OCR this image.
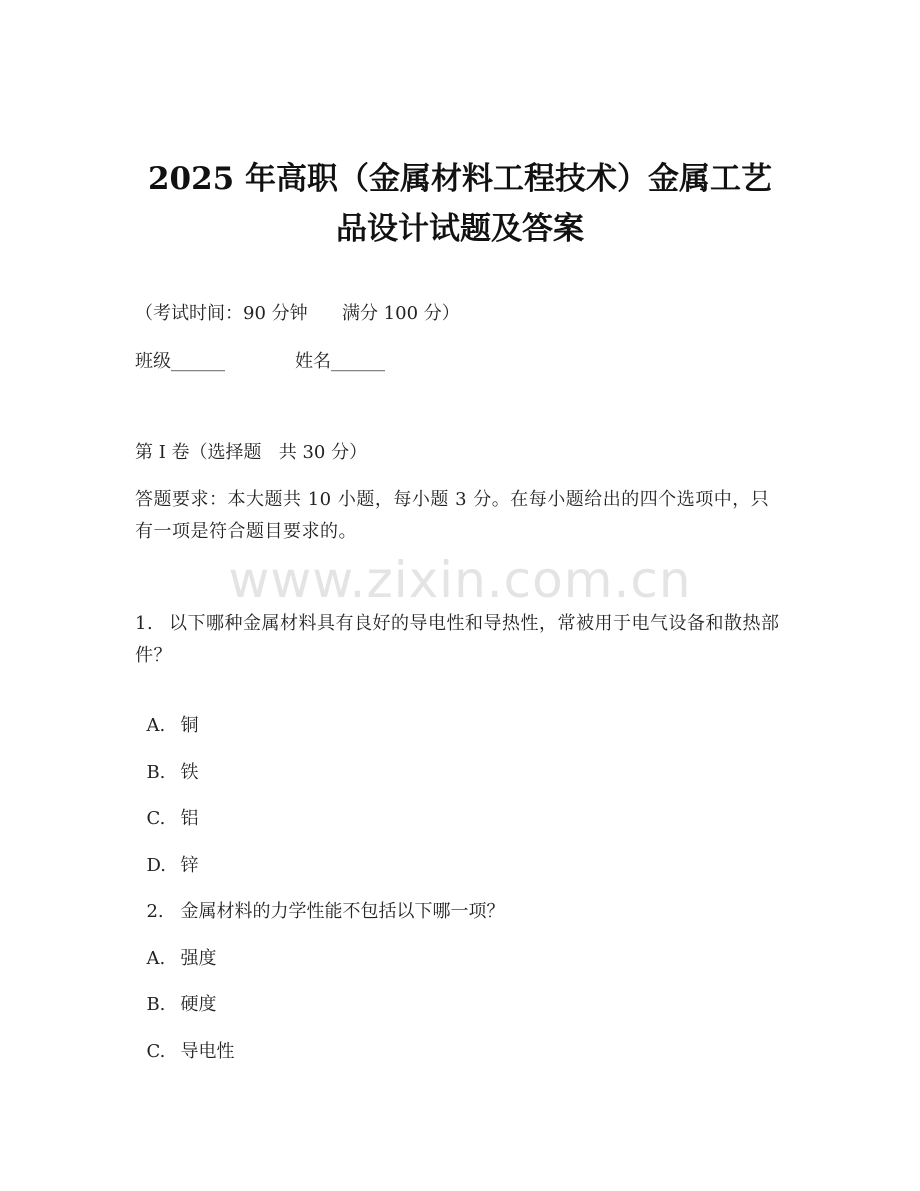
2025 年高职（金属材料工程技术）金属工艺
品设计试题及答案
（考试时间：90 分钟      满分 100 分）
班级______	姓名______
第 I 卷（选择题   共 30 分）
答题要求：本大题共 10 小题，每小题 3 分。在每小题给出的四个选项中，只有一项是符合题目要求的。
www.zixin.com.cn
1. 以下哪种金属材料具有良好的导电性和导热性，常被用于电气设备和散热部件？

A. 铜

B. 铁

C. 铝

D. 锌

2. 金属材料的力学性能不包括以下哪一项？

A. 强度

B. 硬度

C. 导电性
